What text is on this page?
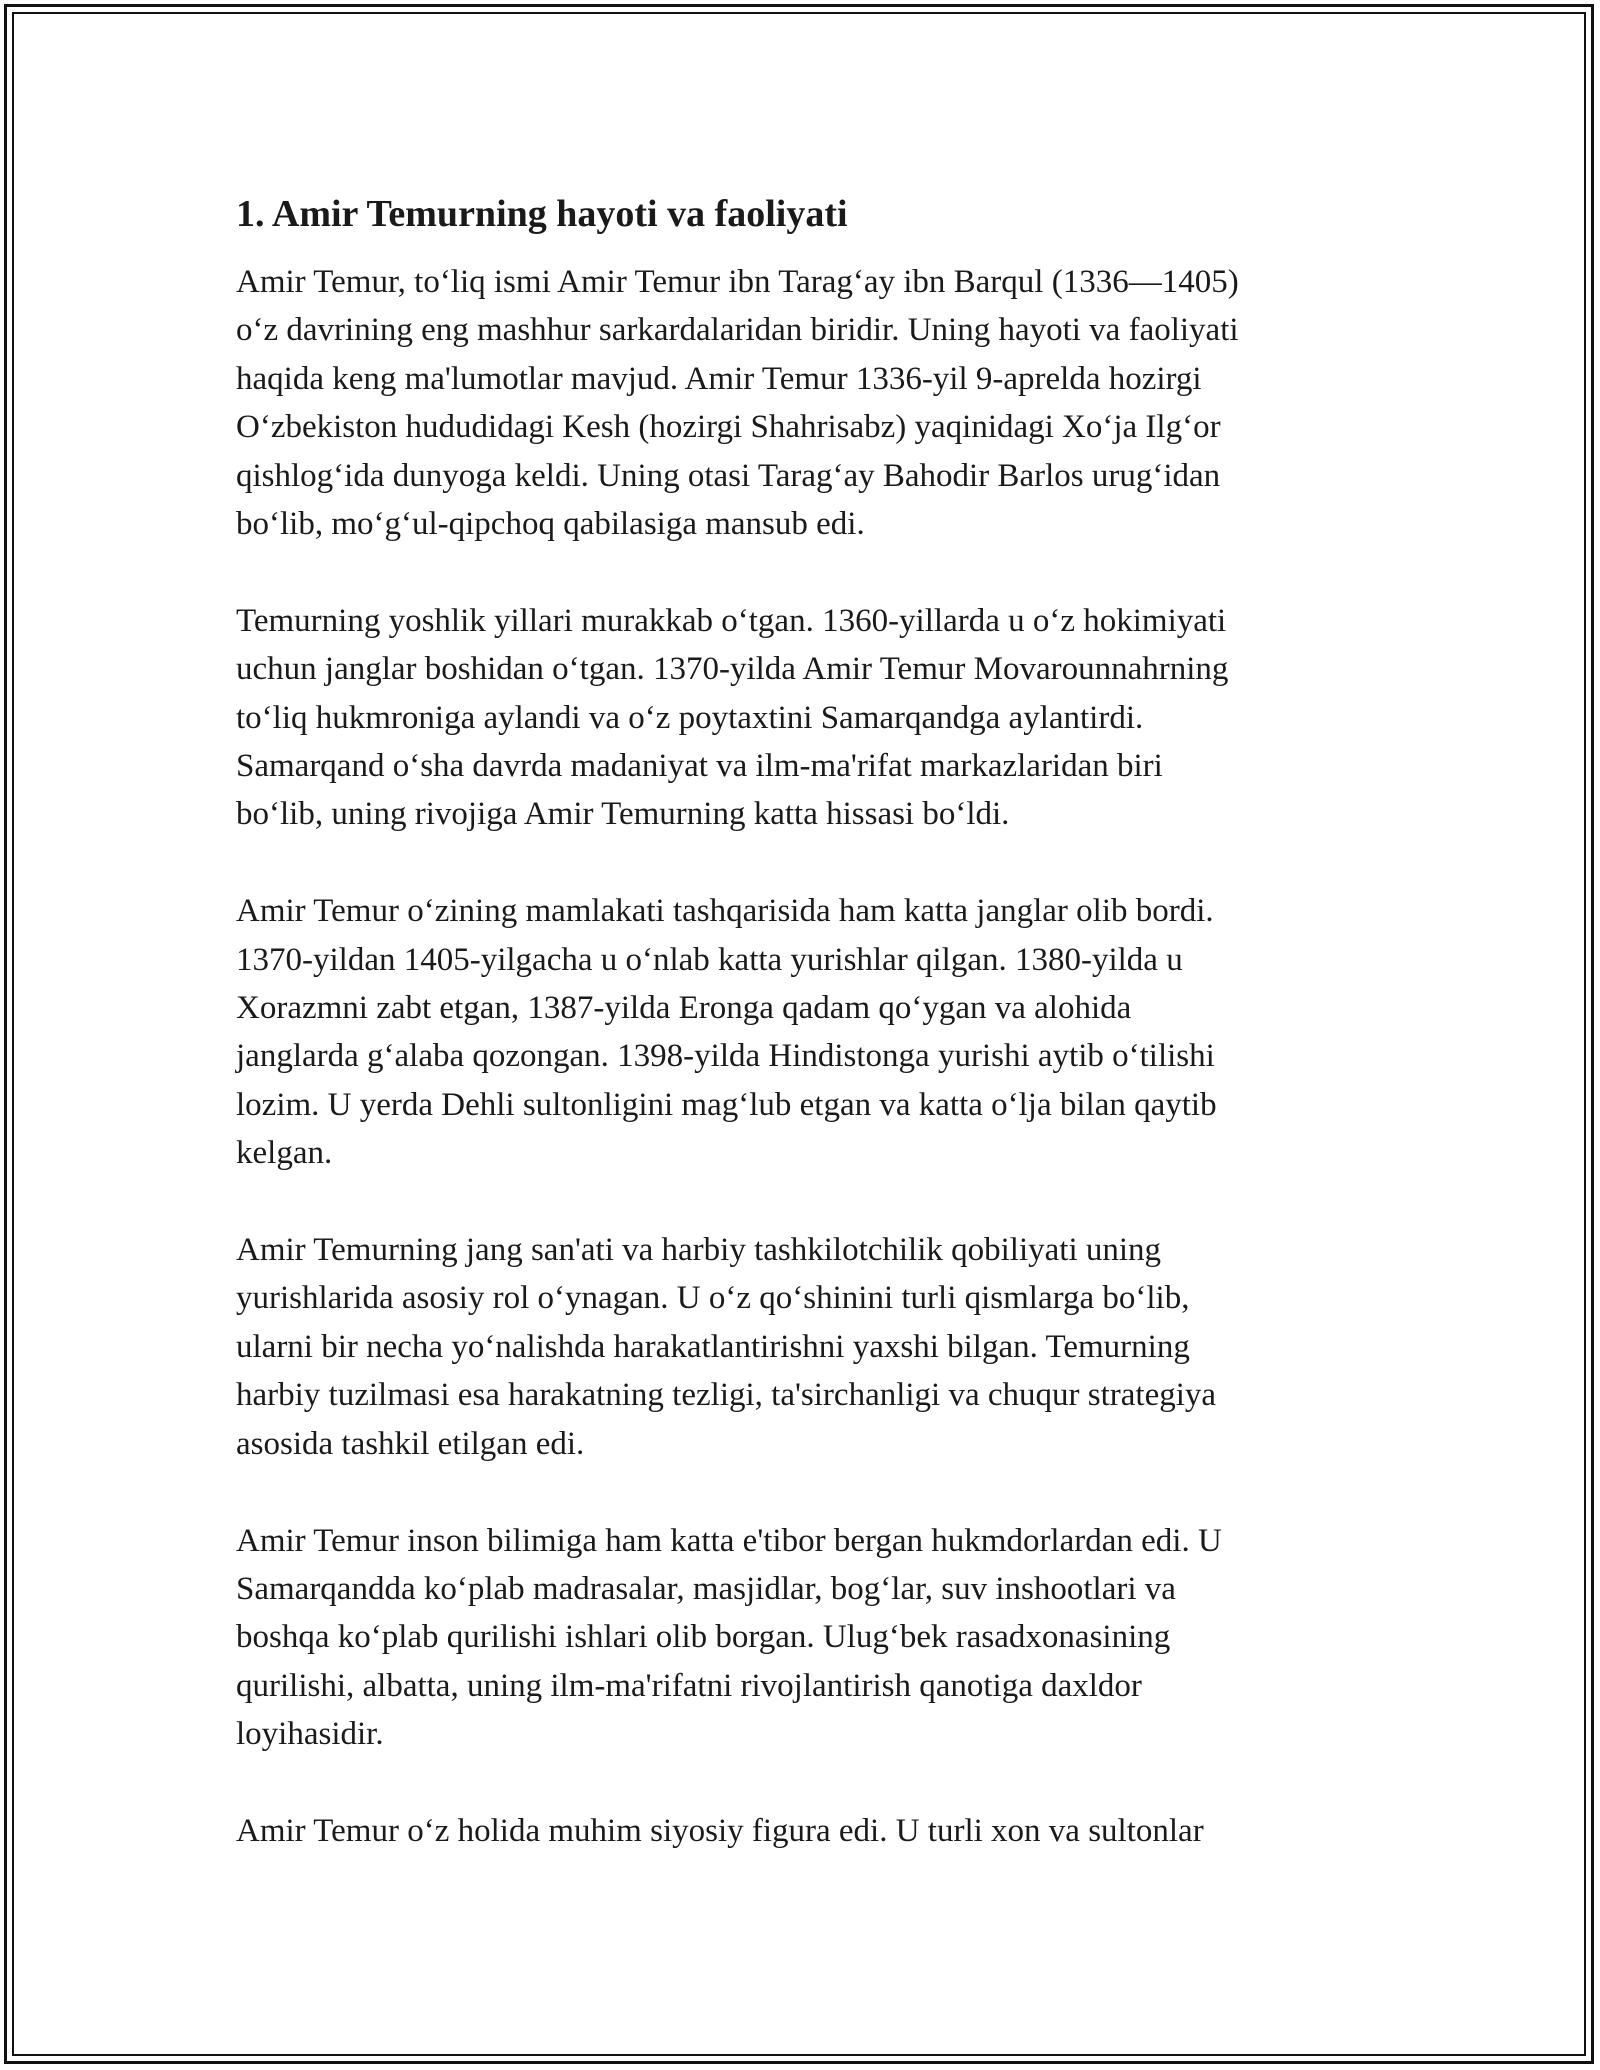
1. Amir Temurning hayoti va faoliyati

Amir Temur, to‘liq ismi Amir Temur ibn Tarag‘ay ibn Barqul (1336—1405)
o‘z davrining eng mashhur sarkardalaridan biridir. Uning hayoti va faoliyati
haqida keng ma'lumotlar mavjud. Amir Temur 1336-yil 9-aprelda hozirgi
O‘zbekiston hududidagi Kesh (hozirgi Shahrisabz) yaqinidagi Xo‘ja Ilg‘or
qishlog‘ida dunyoga keldi. Uning otasi Tarag‘ay Bahodir Barlos urug‘idan
bo‘lib, mo‘g‘ul-qipchoq qabilasiga mansub edi.

Temurning yoshlik yillari murakkab o‘tgan. 1360-yillarda u o‘z hokimiyati
uchun janglar boshidan o‘tgan. 1370-yilda Amir Temur Movarounnahrning
to‘liq hukmroniga aylandi va o‘z poytaxtini Samarqandga aylantirdi.
Samarqand o‘sha davrda madaniyat va ilm-ma'rifat markazlaridan biri
bo‘lib, uning rivojiga Amir Temurning katta hissasi bo‘ldi.

Amir Temur o‘zining mamlakati tashqarisida ham katta janglar olib bordi.
1370-yildan 1405-yilgacha u o‘nlab katta yurishlar qilgan. 1380-yilda u
Xorazmni zabt etgan, 1387-yilda Eronga qadam qo‘ygan va alohida
janglarda g‘alaba qozongan. 1398-yilda Hindistonga yurishi aytib o‘tilishi
lozim. U yerda Dehli sultonligini mag‘lub etgan va katta o‘lja bilan qaytib
kelgan.

Amir Temurning jang san'ati va harbiy tashkilotchilik qobiliyati uning
yurishlarida asosiy rol o‘ynagan. U o‘z qo‘shinini turli qismlarga bo‘lib,
ularni bir necha yo‘nalishda harakatlantirishni yaxshi bilgan. Temurning
harbiy tuzilmasi esa harakatning tezligi, ta'sirchanligi va chuqur strategiya
asosida tashkil etilgan edi.

Amir Temur inson bilimiga ham katta e'tibor bergan hukmdorlardan edi. U
Samarqandda ko‘plab madrasalar, masjidlar, bog‘lar, suv inshootlari va
boshqa ko‘plab qurilishi ishlari olib borgan. Ulug‘bek rasadxonasining
qurilishi, albatta, uning ilm-ma'rifatni rivojlantirish qanotiga daxldor
loyihasidir.

Amir Temur o‘z holida muhim siyosiy figura edi. U turli xon va sultonlar
